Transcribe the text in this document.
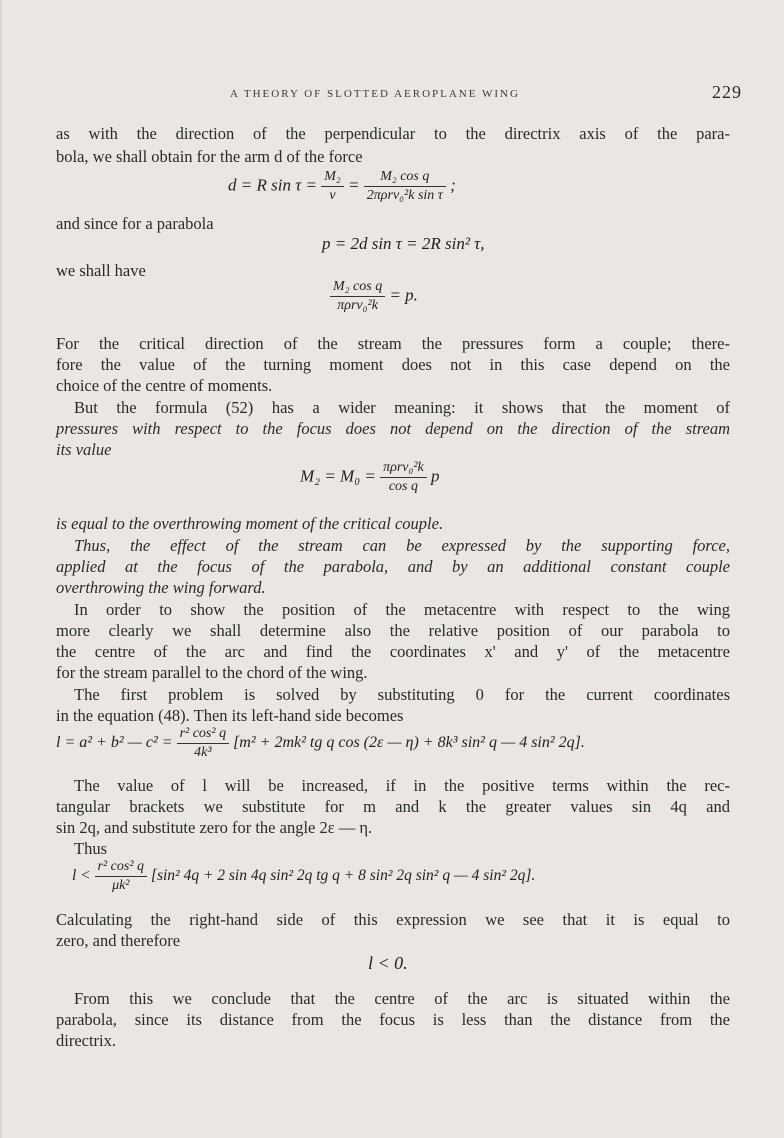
A THEORY OF SLOTTED AEROPLANE WING	229
as with the direction of the perpendicular to the directrix axis of the para-
bola, we shall obtain for the arm d of the force
d = R $\sin \tau = \frac{\text{M₂}}{v} = \frac{\text{M₂ cos q}}{\text{2πρrv₀²k sin τ}}$ ;
and since for a parabola
p = 2d sin τ = 2R sin² τ,
we shall have
$\frac{\text{M₂ cos q}}{\text{πρrv₀²k}} = p$.
For the critical direction of the stream the pressures form a couple; there-
fore the value of the turning moment does not in this case depend on the
choice of the centre of moments.
But the formula (52) has a wider meaning: it shows that the moment of
pressures with respect to the focus does not depend on the direction of the stream
its value
$M_2 = M_0 = \frac{\text{πρrv₀²k}}{\text{cos q}}$ p
is equal to the overthrowing moment of the critical couple.
Thus, the effect of the stream can be expressed by the supporting force,
applied at the focus of the parabola, and by an additional constant couple
overthrowing the wing forward.
In order to show the position of the metacentre with respect to the wing
more clearly we shall determine also the relative position of our parabola to
the centre of the arc and find the coordinates x' and y' of the metacentre
for the stream parallel to the chord of the wing.
The first problem is solved by substituting 0 for the current coordinates
in the equation (48). Then its left-hand side becomes
l = a² + b² — $c^2 = \frac{\text{r² cos² q}}{\text{4k³}} [m^2 + 2mk^2$ tg q cos (2ε — η) + 8k³ sin² q — 4 sin² 2q].
The value of l will be increased, if in the positive terms within the rec-
tangular brackets we substitute for m and k the greater values sin 4q and
sin 2q, and substitute zero for the angle 2ε — η.
Thus
$l < \frac{\text{r² cos² q}}{\text{μk²}} [\sin^2$ 4q + 2 sin 4q sin² 2q tg q + 8 sin² 2q sin² q — 4 sin² 2q].
Calculating the right-hand side of this expression we see that it is equal to
zero, and therefore
l < 0.
From this we conclude that the centre of the arc is situated within the
parabola, since its distance from the focus is less than the distance from the
directrix.
